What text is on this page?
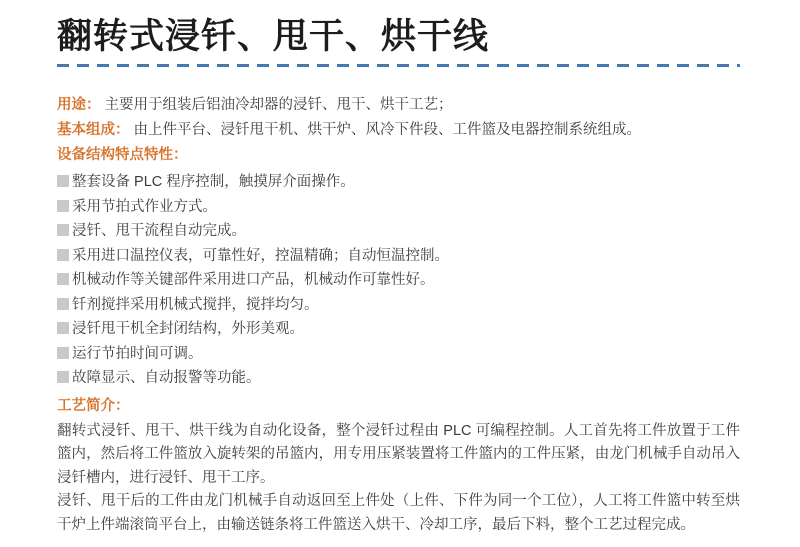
翻转式浸钎、甩干、烘干线

用途： 主要用于组装后铝油冷却器的浸钎、甩干、烘干工艺；

基本组成： 由上件平台、浸钎甩干机、烘干炉、风冷下件段、工件篮及电器控制系统组成。

设备结构特点特性：

整套设备 PLC 程序控制，触摸屏介面操作。
采用节拍式作业方式。
浸钎、甩干流程自动完成。
采用进口温控仪表，可靠性好，控温精确；自动恒温控制。
机械动作等关键部件采用进口产品，机械动作可靠性好。
钎剂搅拌采用机械式搅拌，搅拌均匀。
浸钎甩干机全封闭结构，外形美观。
运行节拍时间可调。
故障显示、自动报警等功能。

工艺简介：

翻转式浸钎、甩干、烘干线为自动化设备，整个浸钎过程由 PLC 可编程控制。人工首先将工件放置于工件篮内，然后将工件篮放入旋转架的吊篮内，用专用压紧装置将工件篮内的工件压紧，由龙门机械手自动吊入浸钎槽内，进行浸钎、甩干工序。

浸钎、甩干后的工件由龙门机械手自动返回至上件处（上件、下件为同一个工位），人工将工件篮中转至烘干炉上件端滚筒平台上，由输送链条将工件篮送入烘干、冷却工序，最后下料，整个工艺过程完成。
